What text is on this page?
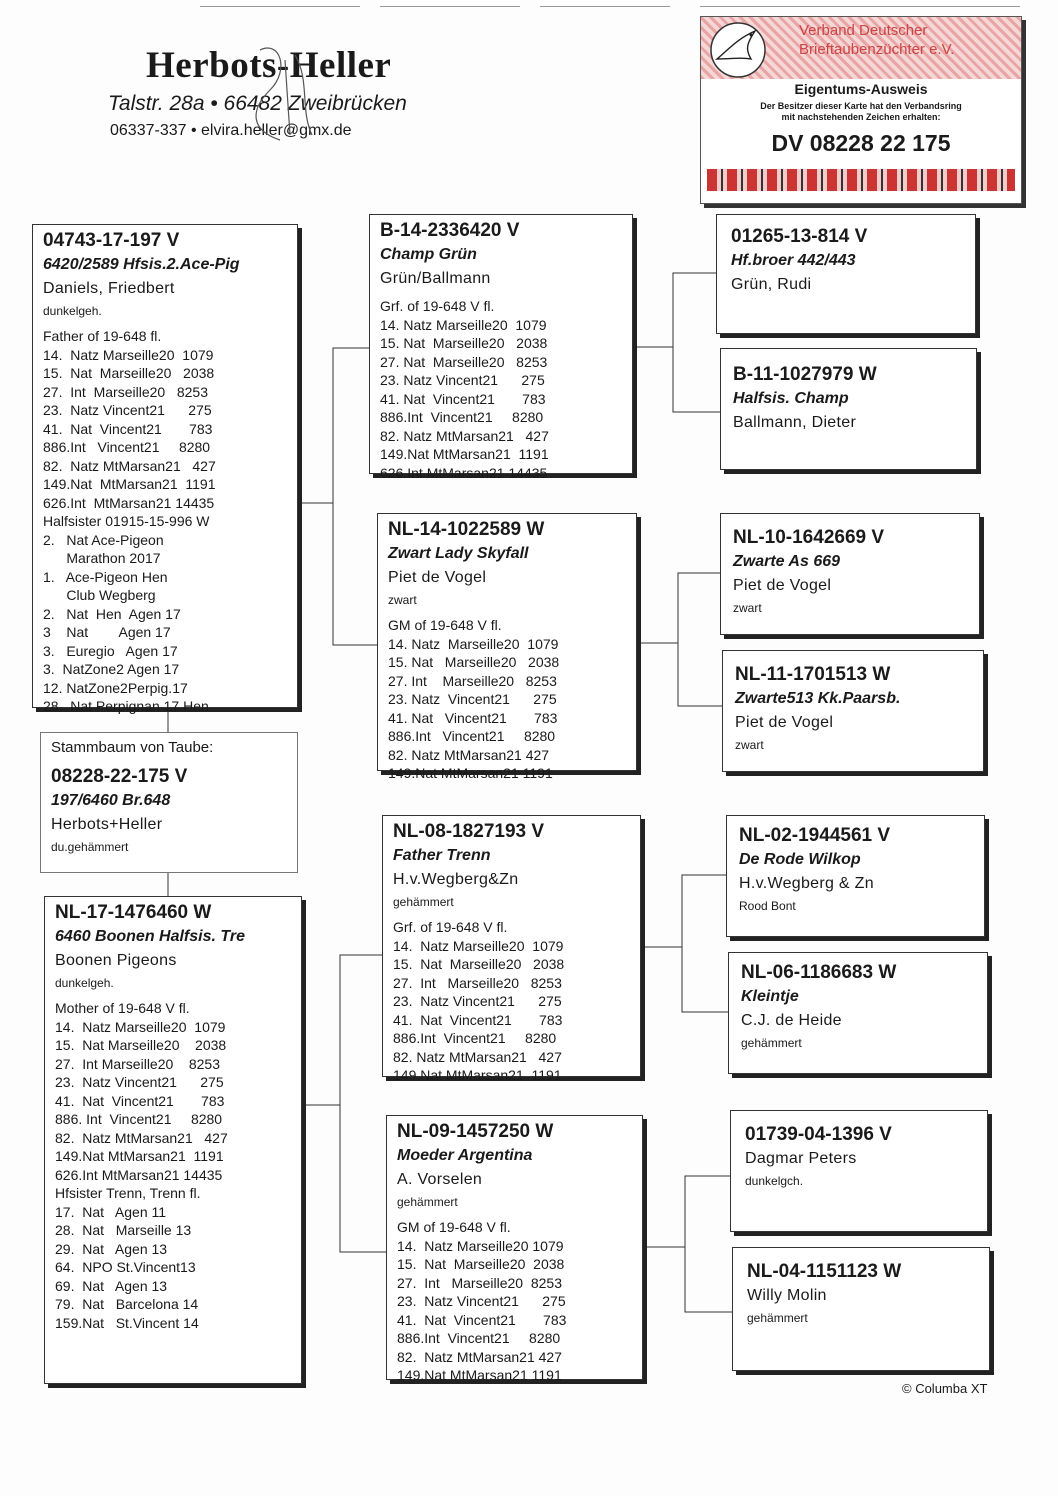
Herbots-Heller
Talstr. 28a • 66482 Zweibrücken
06337-337 • elvira.heller@gmx.de
Verband Deutscher
Brieftaubenzüchter e.V.
Eigentums-Ausweis
Der Besitzer dieser Karte hat den Verbandsring
mit nachstehenden Zeichen erhalten:
DV 08228 22 175
04743-17-197 V
6420/2589 Hfsis.2.Ace-Pig
Daniels, Friedbert
dunkelgeh.
Father of 19-648 fl.
14.  Natz Marseille20  1079
15.  Nat  Marseille20   2038
27.  Int  Marseille20   8253
23.  Natz Vincent21      275
41.  Nat  Vincent21       783
886.Int   Vincent21     8280
82.  Natz MtMarsan21   427
149.Nat  MtMarsan21  1191
626.Int  MtMarsan21 14435
Halfsister 01915-15-996 W
2.   Nat Ace-Pigeon
Marathon 2017
1.   Ace-Pigeon Hen
Club Wegberg
2.   Nat  Hen  Agen 17
3    Nat        Agen 17
3.   Euregio   Agen 17
3.  NatZone2 Agen 17
12. NatZone2Perpig.17
28.  Nat Perpignan 17 Hen
Stammbaum von Taube:
08228-22-175 V
197/6460 Br.648
Herbots+Heller
du.gehämmert
NL-17-1476460 W
6460 Boonen Halfsis. Tre
Boonen Pigeons
dunkelgeh.
Mother of 19-648 V fl.
14.  Natz Marseille20  1079
15.  Nat Marseille20    2038
27.  Int Marseille20    8253
23.  Natz Vincent21      275
41.  Nat  Vincent21       783
886. Int  Vincent21     8280
82.  Natz MtMarsan21   427
149.Nat MtMarsan21  1191
626.Int MtMarsan21 14435
Hfsister Trenn, Trenn fl.
17.  Nat   Agen 11
28.  Nat   Marseille 13
29.  Nat   Agen 13
64.  NPO St.Vincent13
69.  Nat   Agen 13
79.  Nat   Barcelona 14
159.Nat   St.Vincent 14
B-14-2336420 V
Champ Grün
Grün/Ballmann
Grf. of 19-648 V fl.
14. Natz Marseille20  1079
15. Nat  Marseille20   2038
27. Nat  Marseille20   8253
23. Natz Vincent21      275
41. Nat  Vincent21       783
886.Int  Vincent21     8280
82. Natz MtMarsan21   427
149.Nat MtMarsan21  1191
626.Int MtMarsan21 14435
NL-14-1022589 W
Zwart Lady Skyfall
Piet de Vogel
zwart
GM of 19-648 V fl.
14. Natz  Marseille20  1079
15. Nat   Marseille20   2038
27. Int    Marseille20   8253
23. Natz  Vincent21      275
41. Nat   Vincent21       783
886.Int   Vincent21     8280
82. Natz MtMarsan21 427
149.Nat MtMarsan21 1191
NL-08-1827193 V
Father Trenn
H.v.Wegberg&Zn
gehämmert
Grf. of 19-648 V fl.
14.  Natz Marseille20  1079
15.  Nat  Marseille20   2038
27.  Int   Marseille20   8253
23.  Natz Vincent21      275
41.  Nat  Vincent21       783
886.Int  Vincent21     8280
82. Natz MtMarsan21   427
149.Nat MtMarsan21  1191
NL-09-1457250 W
Moeder Argentina
A. Vorselen
gehämmert
GM of 19-648 V fl.
14.  Natz Marseille20 1079
15.  Nat  Marseille20  2038
27.  Int   Marseille20  8253
23.  Natz Vincent21      275
41.  Nat  Vincent21       783
886.Int  Vincent21     8280
82.  Natz MtMarsan21 427
149.Nat MtMarsan21 1191
01265-13-814 V
Hf.broer 442/443
Grün, Rudi
B-11-1027979 W
Halfsis. Champ
Ballmann, Dieter
NL-10-1642669 V
Zwarte As 669
Piet de Vogel
zwart
NL-11-1701513 W
Zwarte513 Kk.Paarsb.
Piet de Vogel
zwart
NL-02-1944561 V
De Rode Wilkop
H.v.Wegberg & Zn
Rood Bont
NL-06-1186683 W
Kleintje
C.J. de Heide
gehämmert
01739-04-1396 V
Dagmar Peters
dunkelgch.
NL-04-1151123 W
Willy Molin
gehämmert
© Columba XT
